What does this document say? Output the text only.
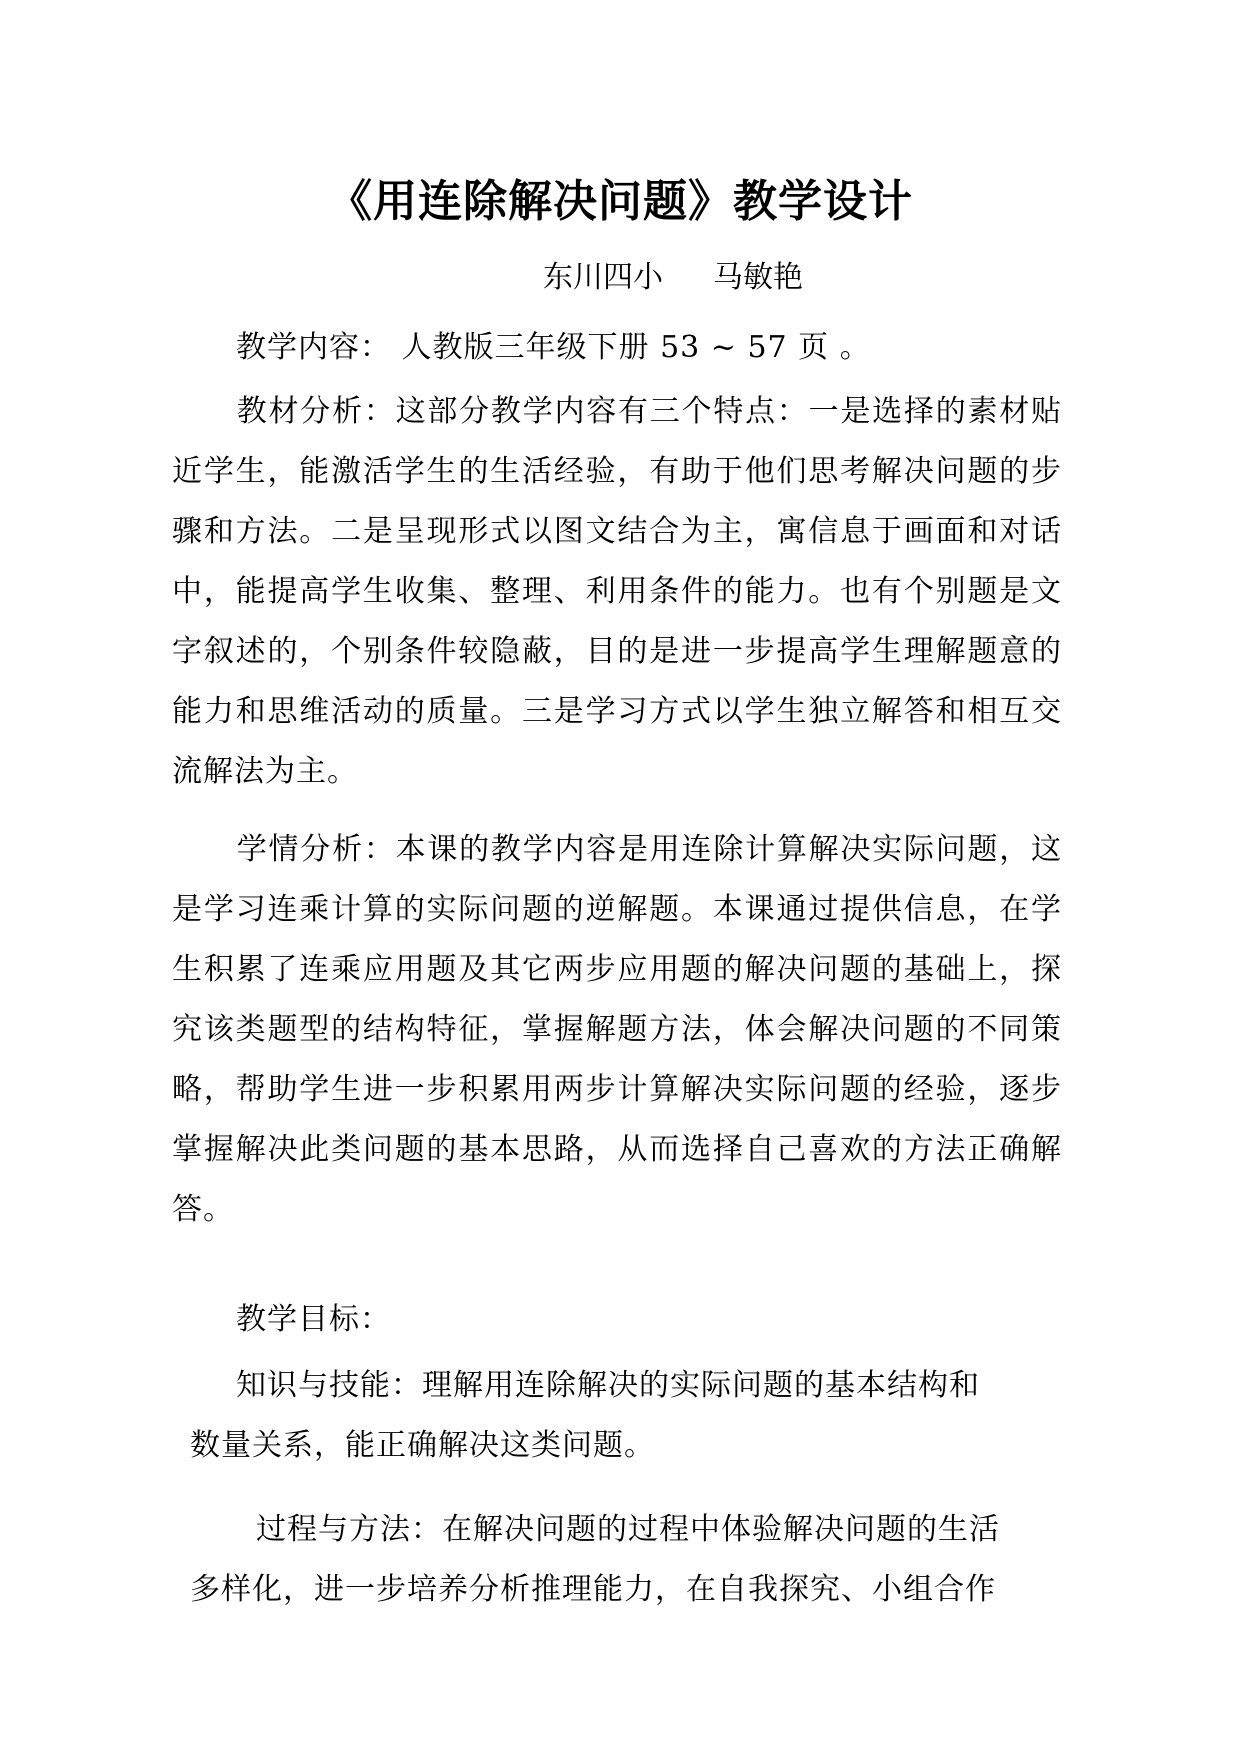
《用连除解决问题》教学设计
东川四小 马敏艳
教学内容： 人教版三年级下册 53 ~ 57 页 。
教材分析：这部分教学内容有三个特点：一是选择的素材贴近学生，能激活学生的生活经验，有助于他们思考解决问题的步骤和方法。二是呈现形式以图文结合为主，寓信息于画面和对话中，能提高学生收集、整理、利用条件的能力。也有个别题是文字叙述的，个别条件较隐蔽，目的是进一步提高学生理解题意的能力和思维活动的质量。三是学习方式以学生独立解答和相互交流解法为主。
学情分析：本课的教学内容是用连除计算解决实际问题，这是学习连乘计算的实际问题的逆解题。本课通过提供信息，在学生积累了连乘应用题及其它两步应用题的解决问题的基础上，探究该类题型的结构特征，掌握解题方法，体会解决问题的不同策略，帮助学生进一步积累用两步计算解决实际问题的经验，逐步掌握解决此类问题的基本思路，从而选择自己喜欢的方法正确解答。
教学目标：
知识与技能：理解用连除解决的实际问题的基本结构和
数量关系，能正确解决这类问题。
过程与方法：在解决问题的过程中体验解决问题的生活
多样化，进一步培养分析推理能力，在自我探究、小组合作
